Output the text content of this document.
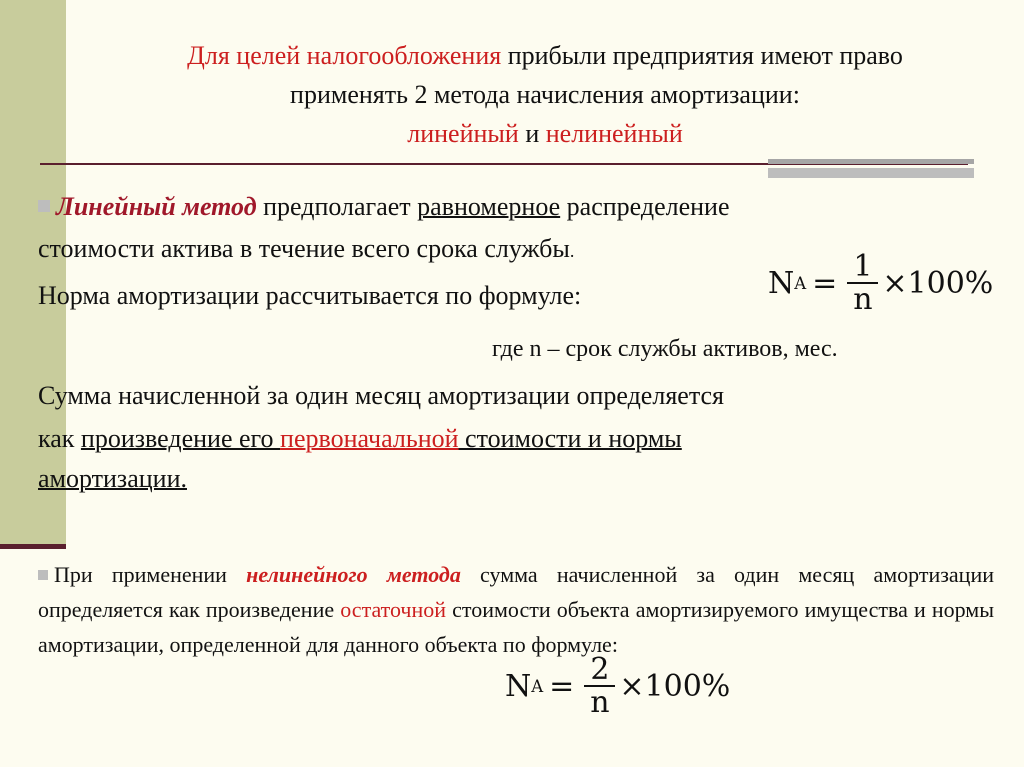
Для целей налогообложения прибыли предприятия имеют право
применять 2 метода начисления амортизации:
линейный и нелинейный
Линейный метод предполагает равномерное распределение
стоимости актива в течение всего срока службы.
Норма амортизации рассчитывается по формуле:	N $A = \frac{1}{n} \times 100\%$
где n – срок службы активов, мес.
Сумма начисленной за один месяц амортизации определяется
как произведение его первоначальной стоимости и нормы
амортизации.
При применении нелинейного метода сумма начисленной за один месяц амортизации определяется как произведение остаточной стоимости объекта амортизируемого имущества и нормы амортизации, определенной для данного объекта по формуле:
N $A = \frac{2}{n} \times 100\%$
